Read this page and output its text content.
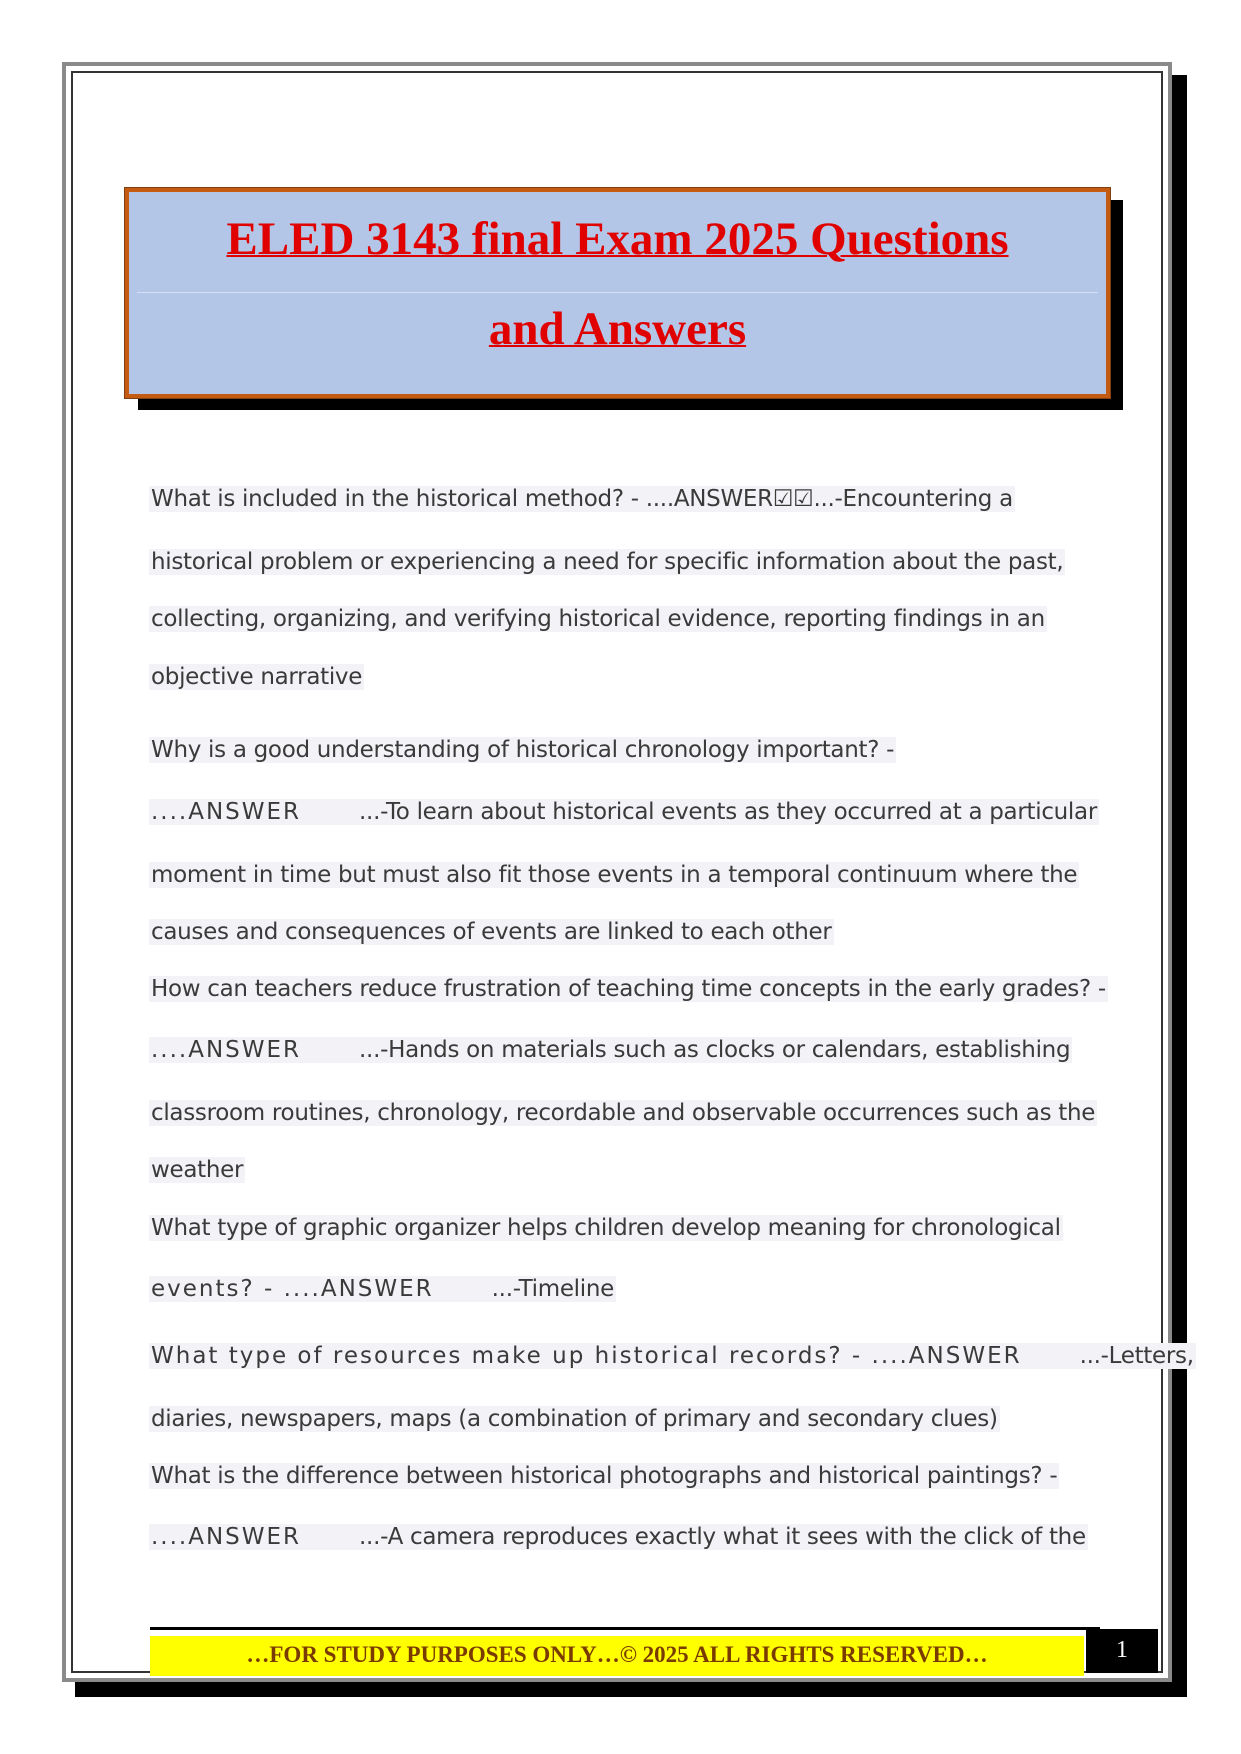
ELED 3143 final Exam 2025 Questions
and Answers
What is included in the historical method? - ....ANSWER☑☑...-Encountering a
historical problem or experiencing a need for specific information about the past,
collecting, organizing, and verifying historical evidence, reporting findings in an
objective narrative
Why is a good understanding of historical chronology important? -
....ANSWER	...-To learn about historical events as they occurred at a particular
moment in time but must also fit those events in a temporal continuum where the
causes and consequences of events are linked to each other
How can teachers reduce frustration of teaching time concepts in the early grades? -
....ANSWER	...-Hands on materials such as clocks or calendars, establishing
classroom routines, chronology, recordable and observable occurrences such as the
weather
What type of graphic organizer helps children develop meaning for chronological
events? - ....ANSWER	...-Timeline
What type of resources make up historical records? - ....ANSWER	...-Letters,
diaries, newspapers, maps (a combination of primary and secondary clues)
What is the difference between historical photographs and historical paintings? -
....ANSWER	...-A camera reproduces exactly what it sees with the click of the
…FOR STUDY PURPOSES ONLY…© 2025 ALL RIGHTS RESERVED…	1
